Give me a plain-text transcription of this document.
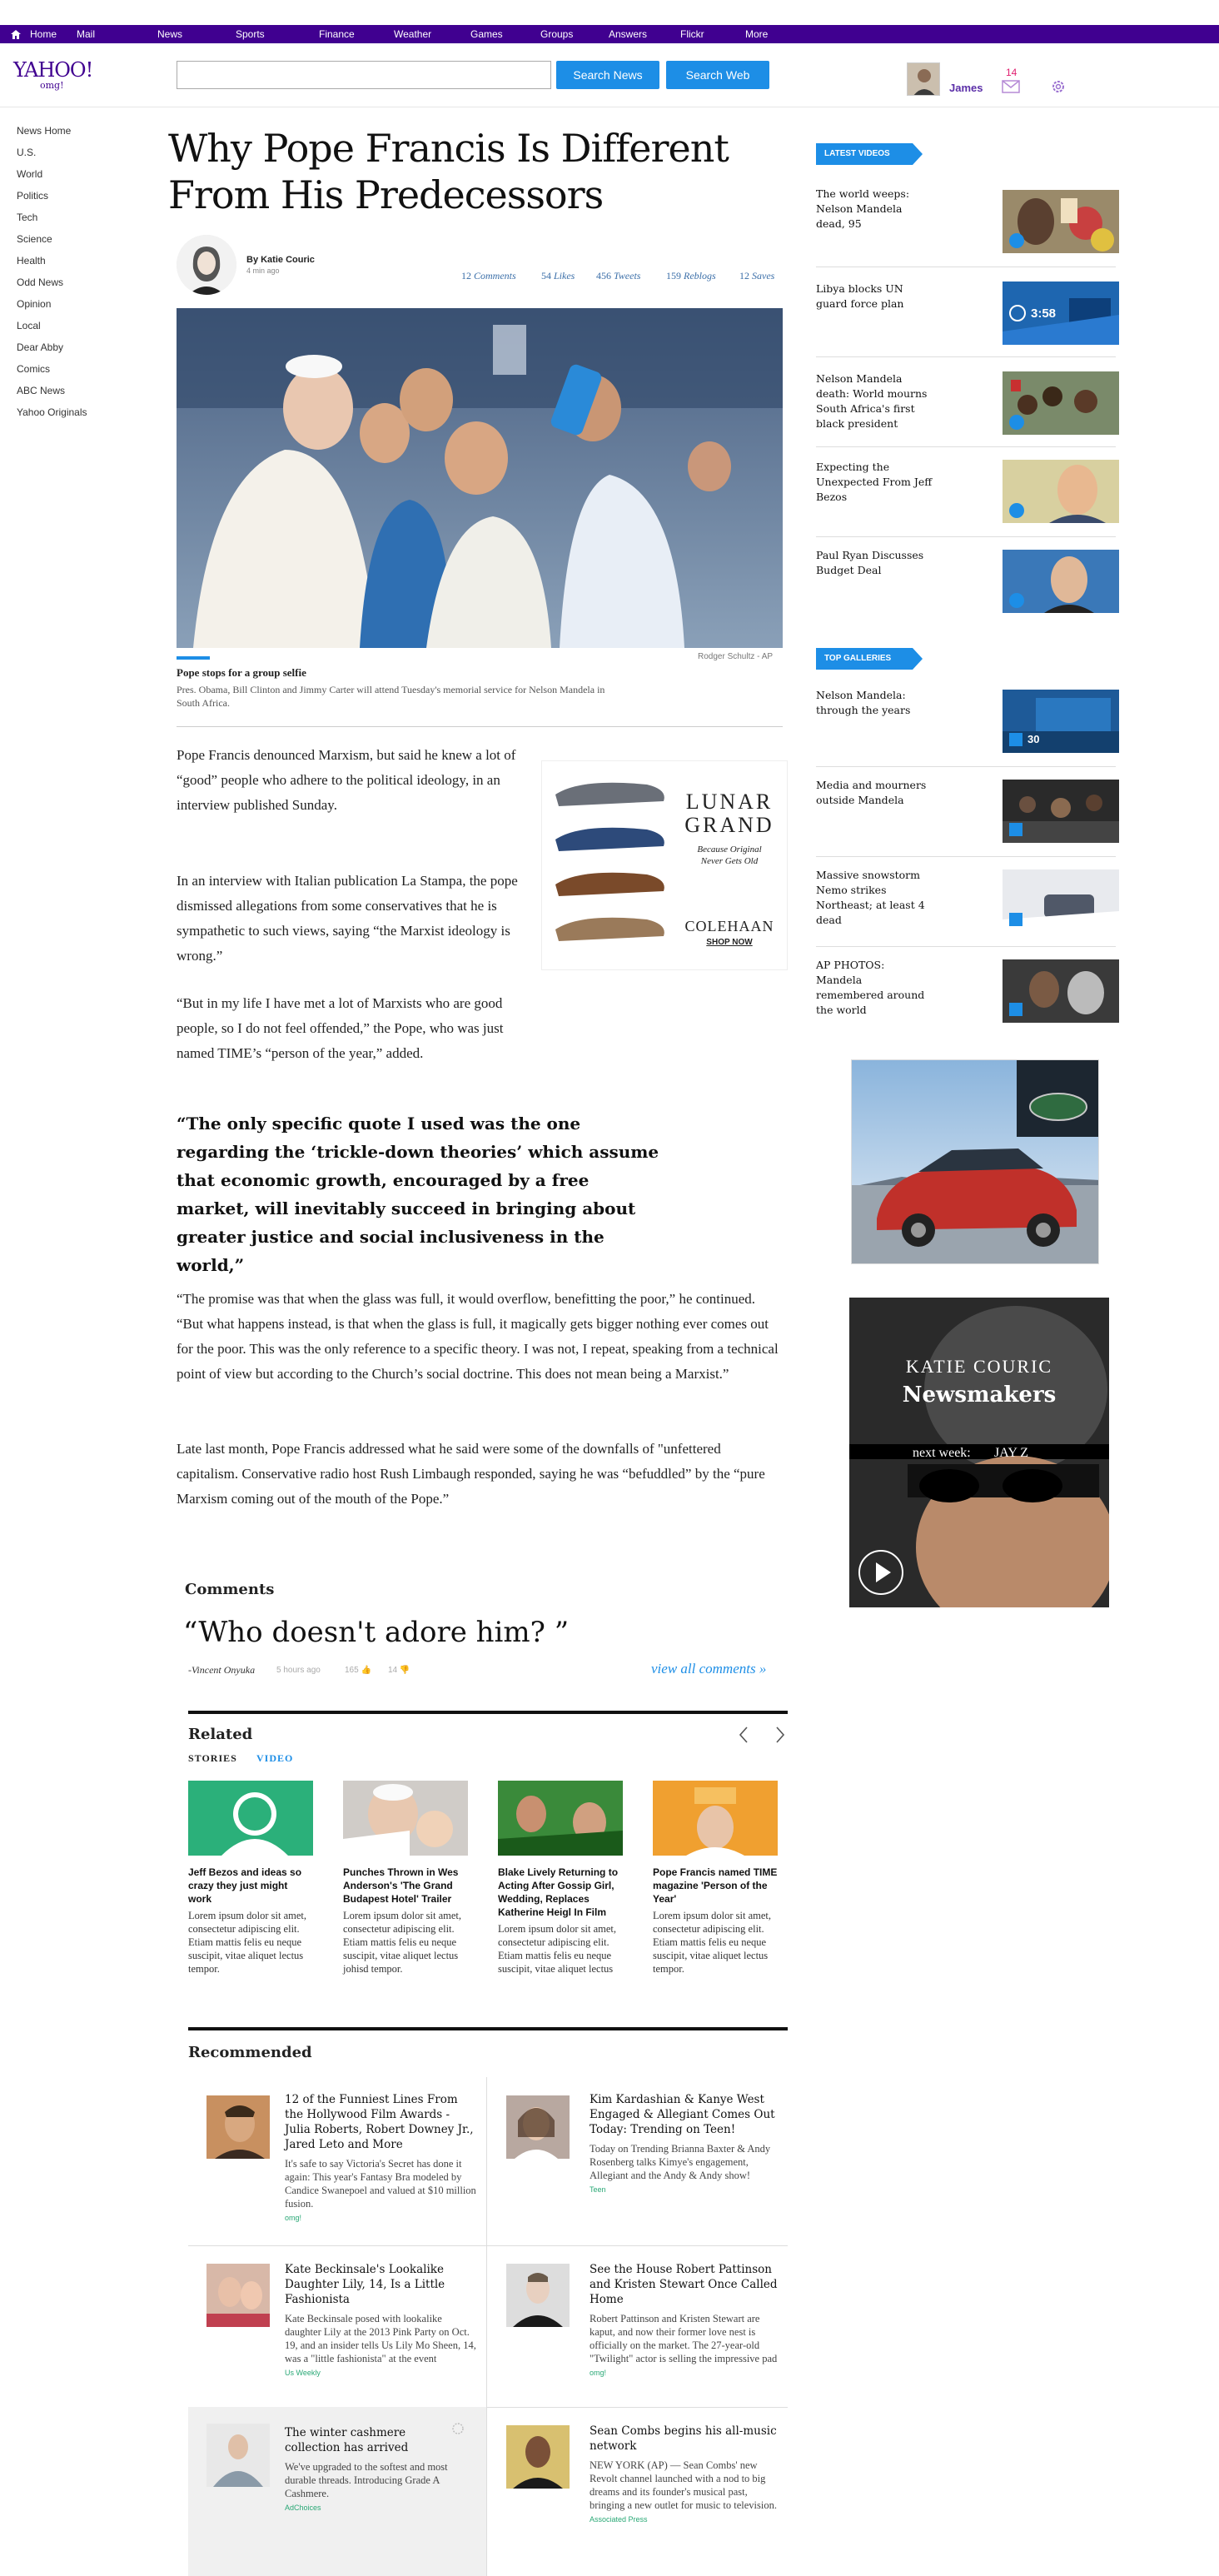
Home	Mail	News	Sports	Finance	Weather	Games	Groups	Answers	Flickr	More
YAHOO!
omg!
Search News	Search Web
James
14
News Home
U.S.
World
Politics
Tech
Science
Health
Odd News
Opinion
Local
Dear Abby
Comics
ABC News
Yahoo Originals
Why Pope Francis Is Different From His Predecessors
By Katie Couric
4 min ago	12 Comments	54 Likes 456 Tweets	159 Reblogs 12 Saves
Rodger Schultz - AP
Pope stops for a group selfie
Pres. Obama, Bill Clinton and Jimmy Carter will attend Tuesday's memorial service for Nelson Mandela in South Africa.

Pope Francis denounced Marxism, but said he knew a lot of “good” people who adhere to the political ideology, in an interview published Sunday.

In an interview with Italian publication La Stampa, the pope dismissed allegations from some conservatives that he is sympathetic to such views, saying “the Marxist ideology is wrong.”

“But in my life I have met a lot of Marxists who are good people, so I do not feel offended,” the Pope, who was just named TIME’s “person of the year,” added.

“The only specific quote I used was the one regarding the ‘trickle-down theories’ which assume that economic growth, encouraged by a free market, will inevitably succeed in bringing about greater justice and social inclusiveness in the world,”

“The promise was that when the glass was full, it would overflow, benefitting the poor,” he continued. “But what happens instead, is that when the glass is full, it magically gets bigger nothing ever comes out for the poor. This was the only reference to a specific theory. I was not, I repeat, speaking from a technical point of view but according to the Church’s social doctrine. This does not mean being a Marxist.”

Late last month, Pope Francis addressed what he said were some of the downfalls of "unfettered capitalism. Conservative radio host Rush Limbaugh responded, saying he was “befuddled” by the “pure Marxism coming out of the mouth of the Pope.”

LUNAR
GRAND
Because Original
Never Gets Old
COLEHAAN
SHOP NOW
LATEST VIDEOS
The world weeps: Nelson Mandela dead, 95
Libya blocks UN guard force plan
3:58
Nelson Mandela death: World mourns South Africa's first black president
Expecting the Unexpected From Jeff Bezos
Paul Ryan Discusses Budget Deal
TOP GALLERIES
Nelson Mandela: through the years
30
Media and mourners outside Mandela
Massive snowstorm Nemo strikes Northeast; at least 4 dead
AP PHOTOS: Mandela remembered around the world
KATIE COURIC
Newsmakers
next week: JAY Z
Comments
“Who doesn't adore him? ”
-Vincent Onyuka	5 hours ago	165 👍 14 👎	view all comments »
Related
STORIES VIDEO
Jeff Bezos and ideas so crazy they just might work
Lorem ipsum dolor sit amet, consectetur adipiscing elit. Etiam mattis felis eu neque suscipit, vitae aliquet lectus tempor.
Punches Thrown in Wes Anderson's 'The Grand Budapest Hotel' Trailer
Lorem ipsum dolor sit amet, consectetur adipiscing elit. Etiam mattis felis eu neque suscipit, vitae aliquet lectus johisd tempor.
Blake Lively Returning to Acting After Gossip Girl, Wedding, Replaces Katherine Heigl In Film
Lorem ipsum dolor sit amet, consectetur adipiscing elit. Etiam mattis felis eu neque suscipit, vitae aliquet lectus
Pope Francis named TIME magazine 'Person of the Year'
Lorem ipsum dolor sit amet, consectetur adipiscing elit. Etiam mattis felis eu neque suscipit, vitae aliquet lectus tempor.
Recommended
12 of the Funniest Lines From the Hollywood Film Awards - Julia Roberts, Robert Downey Jr., Jared Leto and More
It's safe to say Victoria's Secret has done it again: This year's Fantasy Bra modeled by Candice Swanepoel and valued at $10 million fusion.
omg!
Kim Kardashian & Kanye West Engaged & Allegiant Comes Out Today: Trending on Teen!
Today on Trending Brianna Baxter & Andy Rosenberg talks Kimye's engagement, Allegiant and the Andy & Andy show!
Teen
Kate Beckinsale's Lookalike Daughter Lily, 14, Is a Little Fashionista
Kate Beckinsale posed with lookalike daughter Lily at the 2013 Pink Party on Oct. 19, and an insider tells Us Lily Mo Sheen, 14, was a "little fashionista" at the event
Us Weekly
See the House Robert Pattinson and Kristen Stewart Once Called Home
Robert Pattinson and Kristen Stewart are kaput, and now their former love nest is officially on the market. The 27-year-old "Twilight" actor is selling the impressive pad
omg!
The winter cashmere collection has arrived
We've upgraded to the softest and most durable threads. Introducing Grade A Cashmere.
AdChoices
Sean Combs begins his all-music network
NEW YORK (AP) — Sean Combs' new Revolt channel launched with a nod to big dreams and its founder's musical past, bringing a new outlet for music to television.
Associated Press
